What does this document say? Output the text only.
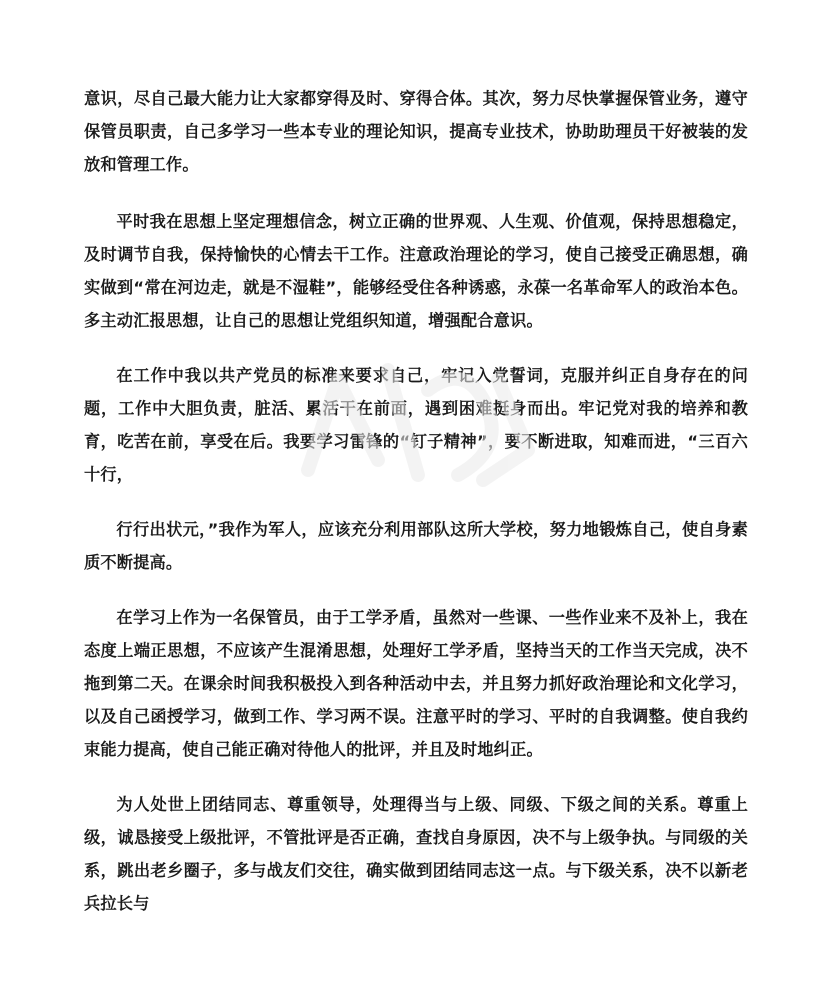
意识，尽自己最大能力让大家都穿得及时、穿得合体。其次，努力尽快掌握保管业务，遵守保管员职责，自己多学习一些本专业的理论知识，提高专业技术，协助助理员干好被装的发放和管理工作。

平时我在思想上坚定理想信念，树立正确的世界观、人生观、价值观，保持思想稳定，及时调节自我，保持愉快的心情去干工作。注意政治理论的学习，使自己接受正确思想，确实做到“常在河边走，就是不湿鞋”，能够经受住各种诱惑，永葆一名革命军人的政治本色。多主动汇报思想，让自己的思想让党组织知道，增强配合意识。

在工作中我以共产党员的标准来要求自己，牢记入党誓词，克服并纠正自身存在的问题，工作中大胆负责，脏活、累活干在前面，遇到困难挺身而出。牢记党对我的培养和教育，吃苦在前，享受在后。我要学习雷锋的“钉子精神”，要不断进取，知难而进，“三百六十行，

行行出状元，”我作为军人，应该充分利用部队这所大学校，努力地锻炼自己，使自身素质不断提高。

在学习上作为一名保管员，由于工学矛盾，虽然对一些课、一些作业来不及补上，我在态度上端正思想，不应该产生混淆思想，处理好工学矛盾，坚持当天的工作当天完成，决不拖到第二天。在课余时间我积极投入到各种活动中去，并且努力抓好政治理论和文化学习，以及自己函授学习，做到工作、学习两不误。注意平时的学习、平时的自我调整。使自我约束能力提高，使自己能正确对待他人的批评，并且及时地纠正。

为人处世上团结同志、尊重领导，处理得当与上级、同级、下级之间的关系。尊重上级，诚恳接受上级批评，不管批评是否正确，查找自身原因，决不与上级争执。与同级的关系，跳出老乡圈子，多与战友们交往，确实做到团结同志这一点。与下级关系，决不以新老兵拉长与
